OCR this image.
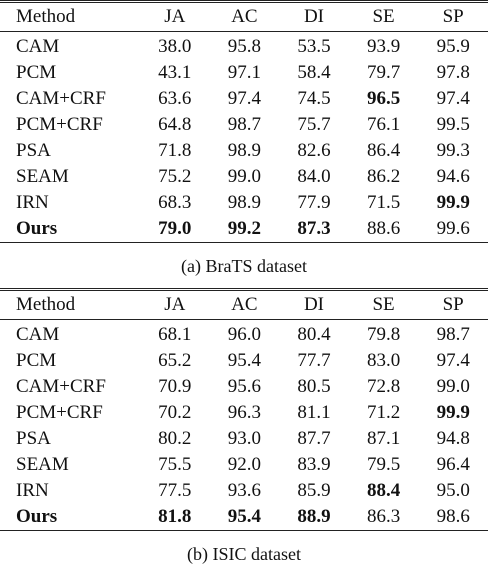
Method	JA	AC	DI	SE	SP
CAM	38.0	95.8	53.5	93.9	95.9
PCM	43.1	97.1	58.4	79.7	97.8
CAM+CRF	63.6	97.4	74.5	96.5	97.4
PCM+CRF	64.8	98.7	75.7	76.1	99.5
PSA	71.8	98.9	82.6	86.4	99.3
SEAM	75.2	99.0	84.0	86.2	94.6
IRN	68.3	98.9	77.9	71.5	99.9
Ours	79.0	99.2	87.3	88.6	99.6
(a) BraTS dataset
Method	JA	AC	DI	SE	SP
CAM	68.1	96.0	80.4	79.8	98.7
PCM	65.2	95.4	77.7	83.0	97.4
CAM+CRF	70.9	95.6	80.5	72.8	99.0
PCM+CRF	70.2	96.3	81.1	71.2	99.9
PSA	80.2	93.0	87.7	87.1	94.8
SEAM	75.5	92.0	83.9	79.5	96.4
IRN	77.5	93.6	85.9	88.4	95.0
Ours	81.8	95.4	88.9	86.3	98.6
(b) ISIC dataset
